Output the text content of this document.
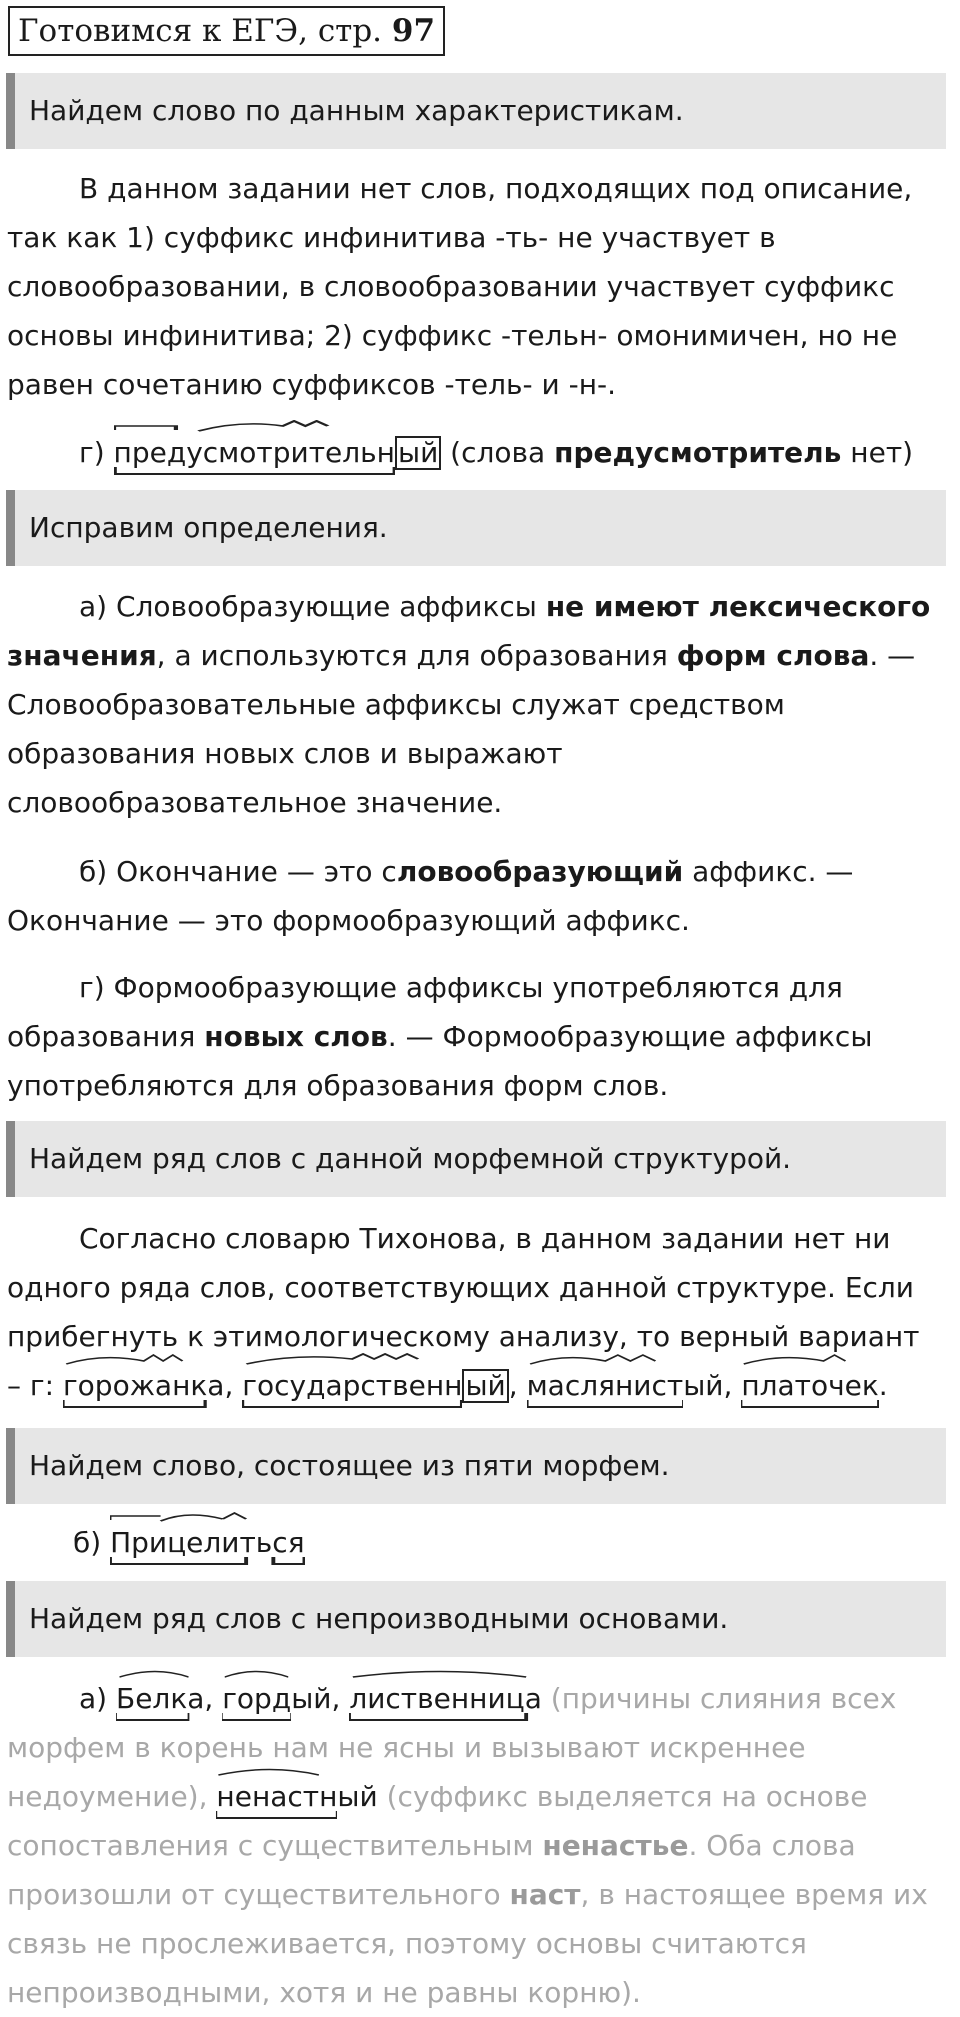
Готовимся к ЕГЭ, стр. 97
Найдем слово по данным характеристикам.
В данном задании нет слов, подходящих под описание,
так как 1) суффикс инфинитива -ть- не участвует в
словообразовании, в словообразовании участвует суффикс
основы инфинитива; 2) суффикс -тельн- омонимичен, но не
равен сочетанию суффиксов -тель- и -н-.
г)
предусмотрительн ый (слова предусмотритель нет)
Исправим определения.
а) Словообразующие аффиксы не имеют лексического
значения, а используются для образования форм слова. —
Словообразовательные аффиксы служат средством
образования новых слов и выражают
словообразовательное значение.
б) Окончание — это словообразующий аффикс. —
Окончание — это формообразующий аффикс.
г) Формообразующие аффиксы употребляются для
образования новых слов. — Формообразующие аффиксы
употребляются для образования форм слов.
Найдем ряд слов с данной морфемной структурой.
Согласно словарю Тихонова, в данном задании нет ни
одного ряда слов, соответствующих данной структуре. Если
прибегнуть к этимологическому анализу, то верный вариант
– г:
горожанка
,
государственн ый ,
маслянист
ый,
платочек
.
Найдем слово, состоящее из пяти морфем.
б)
Прицелиться
Найдем ряд слов с непроизводными основами.
а)
Белка
,
горд
ый,
лиственница
(причины слияния всех
морфем в корень нам не ясны и вызывают искреннее
недоумение),
ненастн
ый (суффикс выделяется на основе
сопоставления с существительным ненастье. Оба слова
произошли от существительного наст, в настоящее время их
связь не прослеживается, поэтому основы считаются
непроизводными, хотя и не равны корню).
